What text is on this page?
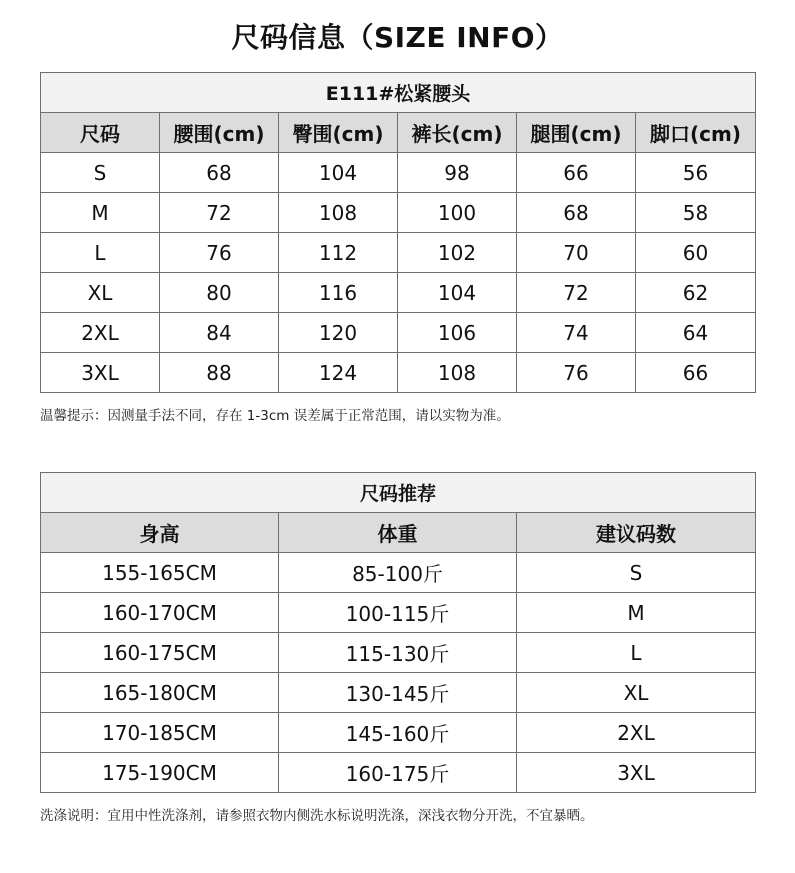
尺码信息（SIZE INFO）
E111#松紧腰头					
尺码	腰围(cm)	臀围(cm)	裤长(cm)	腿围(cm)	脚口(cm)
S	68	104	98	66	56
M	72	108	100	68	58
L	76	112	102	70	60
XL	80	116	104	72	62
2XL	84	120	106	74	64
3XL	88	124	108	76	66
温馨提示：因测量手法不同，存在 1-3cm 误差属于正常范围，请以实物为准。
尺码推荐		
身高	体重	建议码数
155-165CM	85-100斤	S
160-170CM	100-115斤	M
160-175CM	115-130斤	L
165-180CM	130-145斤	XL
170-185CM	145-160斤	2XL
175-190CM	160-175斤	3XL
洗涤说明：宜用中性洗涤剂，请参照衣物内侧洗水标说明洗涤，深浅衣物分开洗，不宜暴晒。
